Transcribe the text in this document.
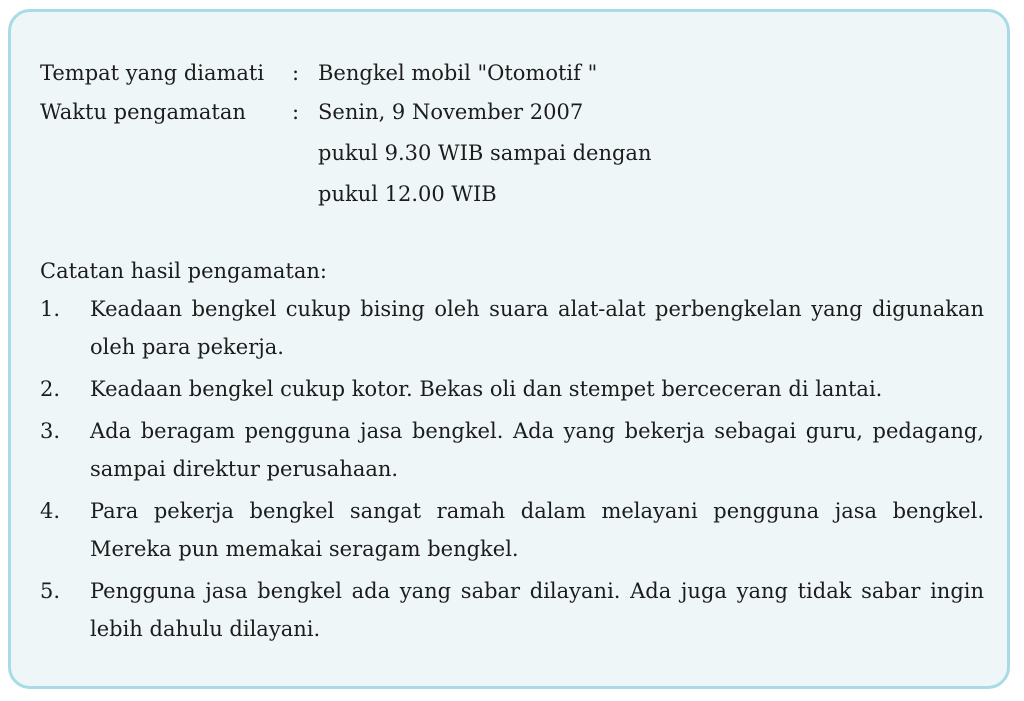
Tempat yang diamati : Bengkel mobil "Otomotif "
Waktu pengamatan : Senin, 9 November 2007
pukul 9.30 WIB sampai dengan
pukul 12.00 WIB
Catatan hasil pengamatan:
1. Keadaan bengkel cukup bising oleh suara alat-alat perbengkelan yang digunakan
oleh para pekerja.
2. Keadaan bengkel cukup kotor. Bekas oli dan stempet berceceran di lantai.
3. Ada beragam pengguna jasa bengkel. Ada yang bekerja sebagai guru, pedagang,
sampai direktur perusahaan.
4. Para pekerja bengkel sangat ramah dalam melayani pengguna jasa bengkel.
Mereka pun memakai seragam bengkel.
5. Pengguna jasa bengkel ada yang sabar dilayani. Ada juga yang tidak sabar ingin
lebih dahulu dilayani.
